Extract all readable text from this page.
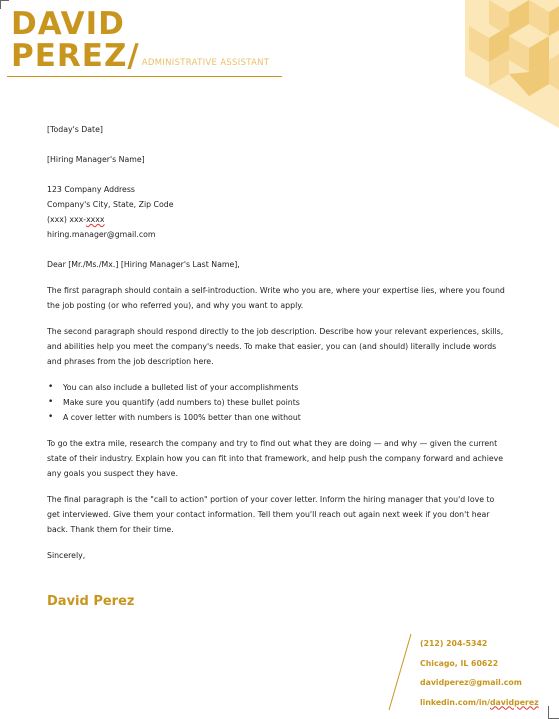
DAVID
PEREZ/ ADMINISTRATIVE ASSISTANT

[Today's Date]

[Hiring Manager's Name]

123 Company Address

Company's City, State, Zip Code

(xxx) xxx-xxxx

hiring.manager@gmail.com

Dear [Mr./Ms./Mx.] [Hiring Manager's Last Name],

The first paragraph should contain a self-introduction. Write who you are, where your expertise lies, where you found the job posting (or who referred you), and why you want to apply.

The second paragraph should respond directly to the job description. Describe how your relevant experiences, skills, and abilities help you meet the company's needs. To make that easier, you can (and should) literally include words and phrases from the job description here.

• You can also include a bulleted list of your accomplishments
• Make sure you quantify (add numbers to) these bullet points
• A cover letter with numbers is 100% better than one without

To go the extra mile, research the company and try to find out what they are doing — and why — given the current state of their industry. Explain how you can fit into that framework, and help push the company forward and achieve any goals you suspect they have.

The final paragraph is the "call to action" portion of your cover letter. Inform the hiring manager that you'd love to get interviewed. Give them your contact information. Tell them you'll reach out again next week if you don't hear back. Thank them for their time.

Sincerely,

David Perez
(212) 204-5342
Chicago, IL 60622
davidperez@gmail.com
linkedin.com/in/davidperez
